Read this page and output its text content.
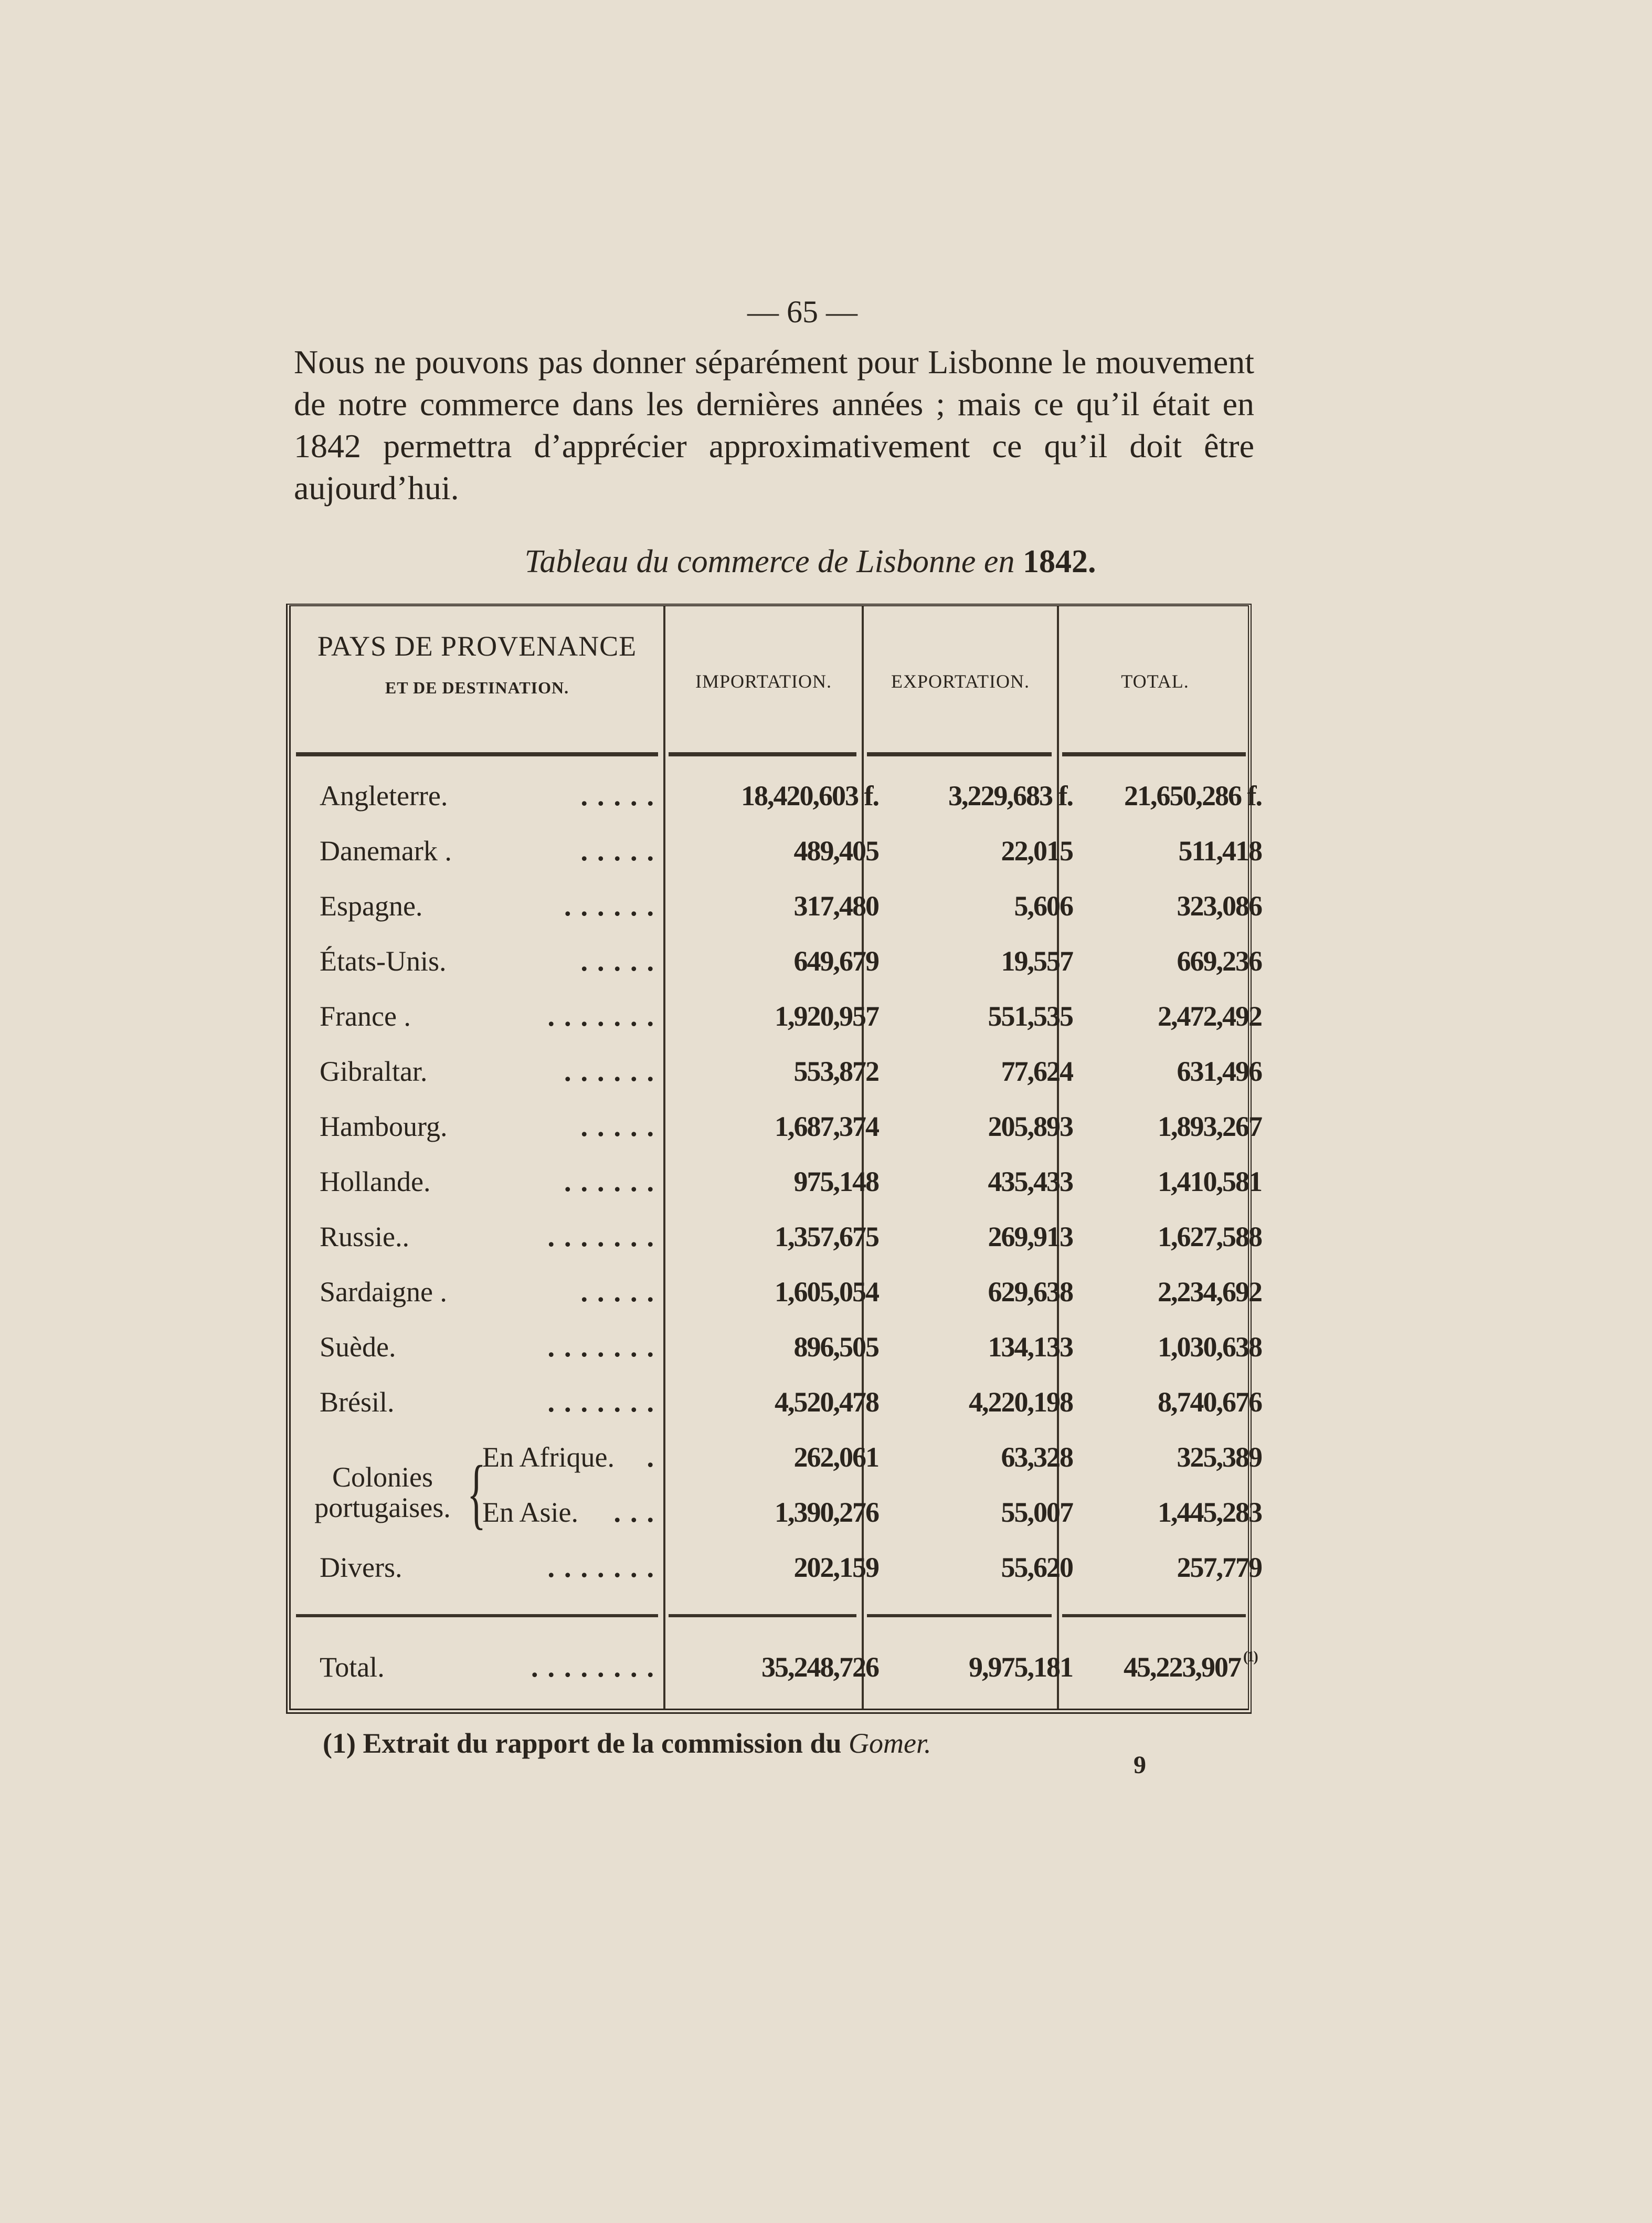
— 65 —
Nous ne pouvons pas donner séparément pour Lisbonne le mouvement de notre commerce dans les dernières années ; mais ce qu’il était en 1842 permettra d’apprécier approximativement ce qu’il doit être aujourd’hui.
Tableau du commerce de Lisbonne en 1842.
PAYS DE PROVENANCE
ET DE DESTINATION.	IMPORTATION.	EXPORTATION.	TOTAL.
Angleterre.	.....	18,420,603 f.	3,229,683 f.	21,650,286 f.
Danemark .	.....	489,405	22,015	511,418
Espagne.	......	317,480	5,606	323,086
États-Unis.	.....	649,679	19,557	669,236
France .	.......	1,920,957	551,535	2,472,492
Gibraltar.	......	553,872	77,624	631,496
Hambourg.	.....	1,687,374	205,893	1,893,267
Hollande.	......	975,148	435,433	1,410,581
Russie..	.......	1,357,675	269,913	1,627,588
Sardaigne .	.....	1,605,054	629,638	2,234,692
Suède.	.......	896,505	134,133	1,030,638
Brésil.	.......	4,520,478	4,220,198	8,740,676
Colonies
portugaises. {
En Afrique.	.	262,061	63,328	325,389
En Asie.	...	1,390,276	55,007	1,445,283
Divers.	.......	202,159	55,620	257,779
Total.	........	35,248,726	9,975,181	45,223,907 (1)
(1) Extrait du rapport de la commission du Gomer.
9
